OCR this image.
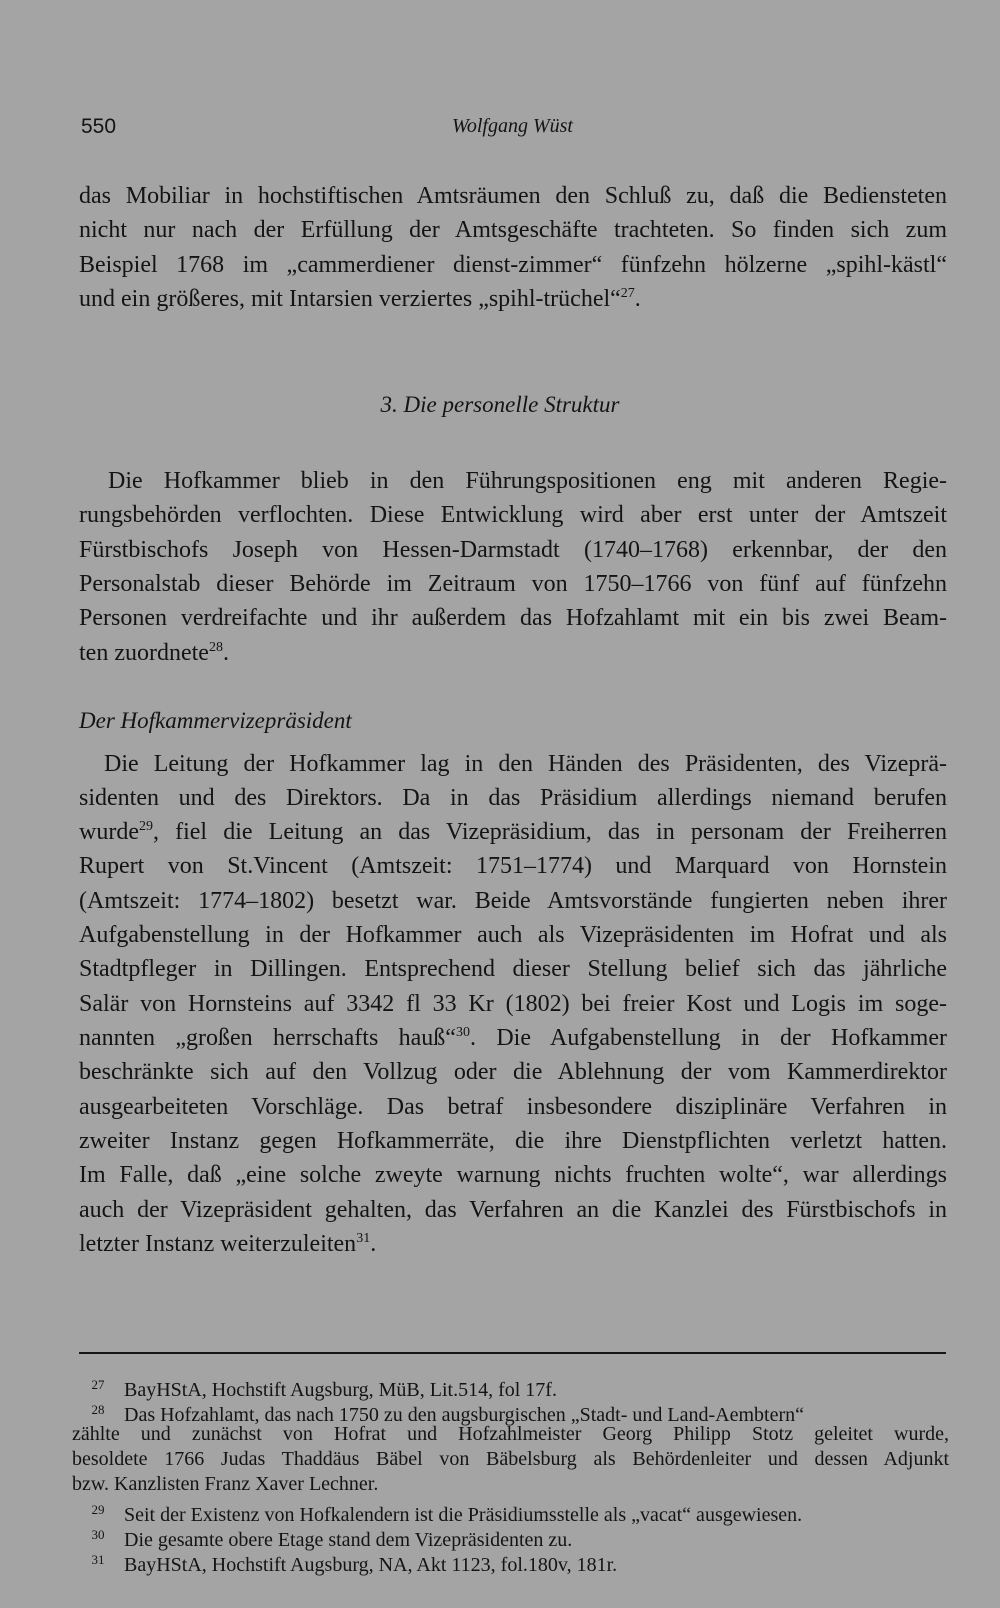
550	Wolfgang Wüst
das Mobiliar in hochstiftischen Amtsräumen den Schluß zu, daß die Bediensteten
nicht nur nach der Erfüllung der Amtsgeschäfte trachteten. So finden sich zum
Beispiel 1768 im „cammerdiener dienst-zimmer“ fünfzehn hölzerne „spihl-kästl“
und ein größeres, mit Intarsien verziertes „spihl-trüchel“$^{27}$.
3. Die personelle Struktur
Die Hofkammer blieb in den Führungspositionen eng mit anderen Regie-
rungsbehörden verflochten. Diese Entwicklung wird aber erst unter der Amtszeit
Fürstbischofs Joseph von Hessen-Darmstadt (1740–1768) erkennbar, der den
Personalstab dieser Behörde im Zeitraum von 1750–1766 von fünf auf fünfzehn
Personen verdreifachte und ihr außerdem das Hofzahlamt mit ein bis zwei Beam-
ten zuordnete$^{28}$.
Der Hofkammervizepräsident
Die Leitung der Hofkammer lag in den Händen des Präsidenten, des Vizeprä-
sidenten und des Direktors. Da in das Präsidium allerdings niemand berufen
wurde$^{29}$, fiel die Leitung an das Vizepräsidium, das in personam der Freiherren
Rupert von St.Vincent (Amtszeit: 1751–1774) und Marquard von Hornstein
(Amtszeit: 1774–1802) besetzt war. Beide Amtsvorstände fungierten neben ihrer
Aufgabenstellung in der Hofkammer auch als Vizepräsidenten im Hofrat und als
Stadtpfleger in Dillingen. Entsprechend dieser Stellung belief sich das jährliche
Salär von Hornsteins auf 3342 fl 33 Kr (1802) bei freier Kost und Logis im soge-
nannten „großen herrschafts hauß“$^{30}$. Die Aufgabenstellung in der Hofkammer
beschränkte sich auf den Vollzug oder die Ablehnung der vom Kammerdirektor
ausgearbeiteten Vorschläge. Das betraf insbesondere disziplinäre Verfahren in
zweiter Instanz gegen Hofkammerräte, die ihre Dienstpflichten verletzt hatten.
Im Falle, daß „eine solche zweyte warnung nichts fruchten wolte“, war allerdings
auch der Vizepräsident gehalten, das Verfahren an die Kanzlei des Fürstbischofs in
letzter Instanz weiterzuleiten$^{31}$.
27 BayHStA, Hochstift Augsburg, MüB, Lit.514, fol 17f.
28 Das Hofzahlamt, das nach 1750 zu den augsburgischen „Stadt- und Land-Aembtern“
zählte und zunächst von Hofrat und Hofzahlmeister Georg Philipp Stotz geleitet wurde,
besoldete 1766 Judas Thaddäus Bäbel von Bäbelsburg als Behördenleiter und dessen Adjunkt
bzw. Kanzlisten Franz Xaver Lechner.
29 Seit der Existenz von Hofkalendern ist die Präsidiumsstelle als „vacat“ ausgewiesen.
30 Die gesamte obere Etage stand dem Vizepräsidenten zu.
31 BayHStA, Hochstift Augsburg, NA, Akt 1123, fol.180v, 181r.
